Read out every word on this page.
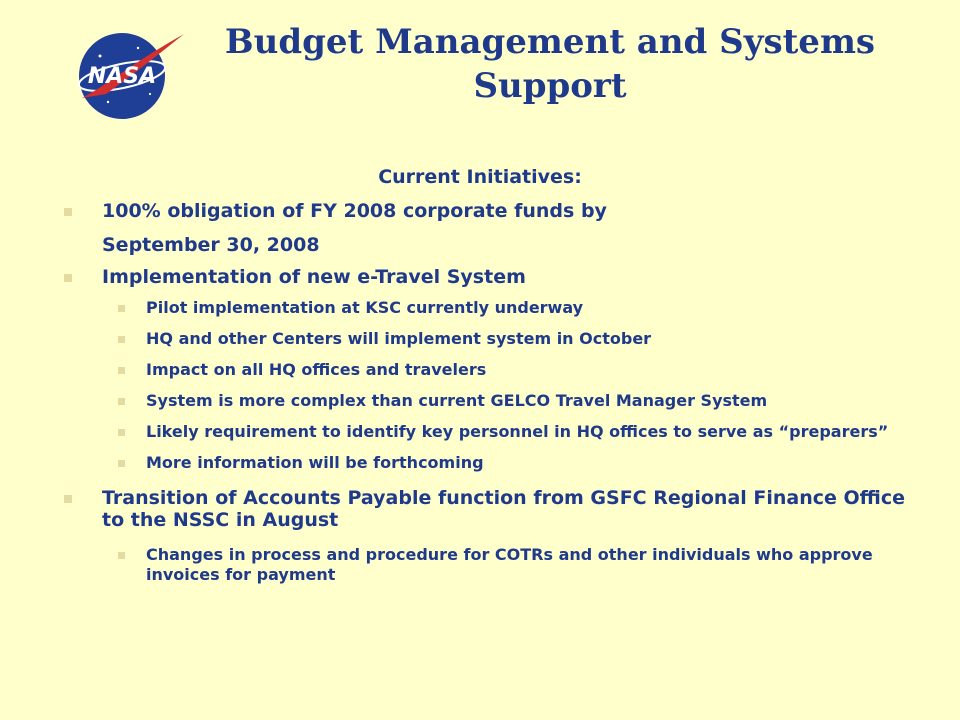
NASA
Budget Management and Systems Support
Current Initiatives:
100% obligation of FY 2008 corporate funds by
September 30, 2008
Implementation of new e-Travel System
Pilot implementation at KSC currently underway
HQ and other Centers will implement system in October
Impact on all HQ offices and travelers
System is more complex than current GELCO Travel Manager System
Likely requirement to identify key personnel in HQ offices to serve as “preparers”
More information will be forthcoming
Transition of Accounts Payable function from GSFC Regional Finance Office to the NSSC in August
Changes in process and procedure for COTRs and other individuals who approve invoices for payment
